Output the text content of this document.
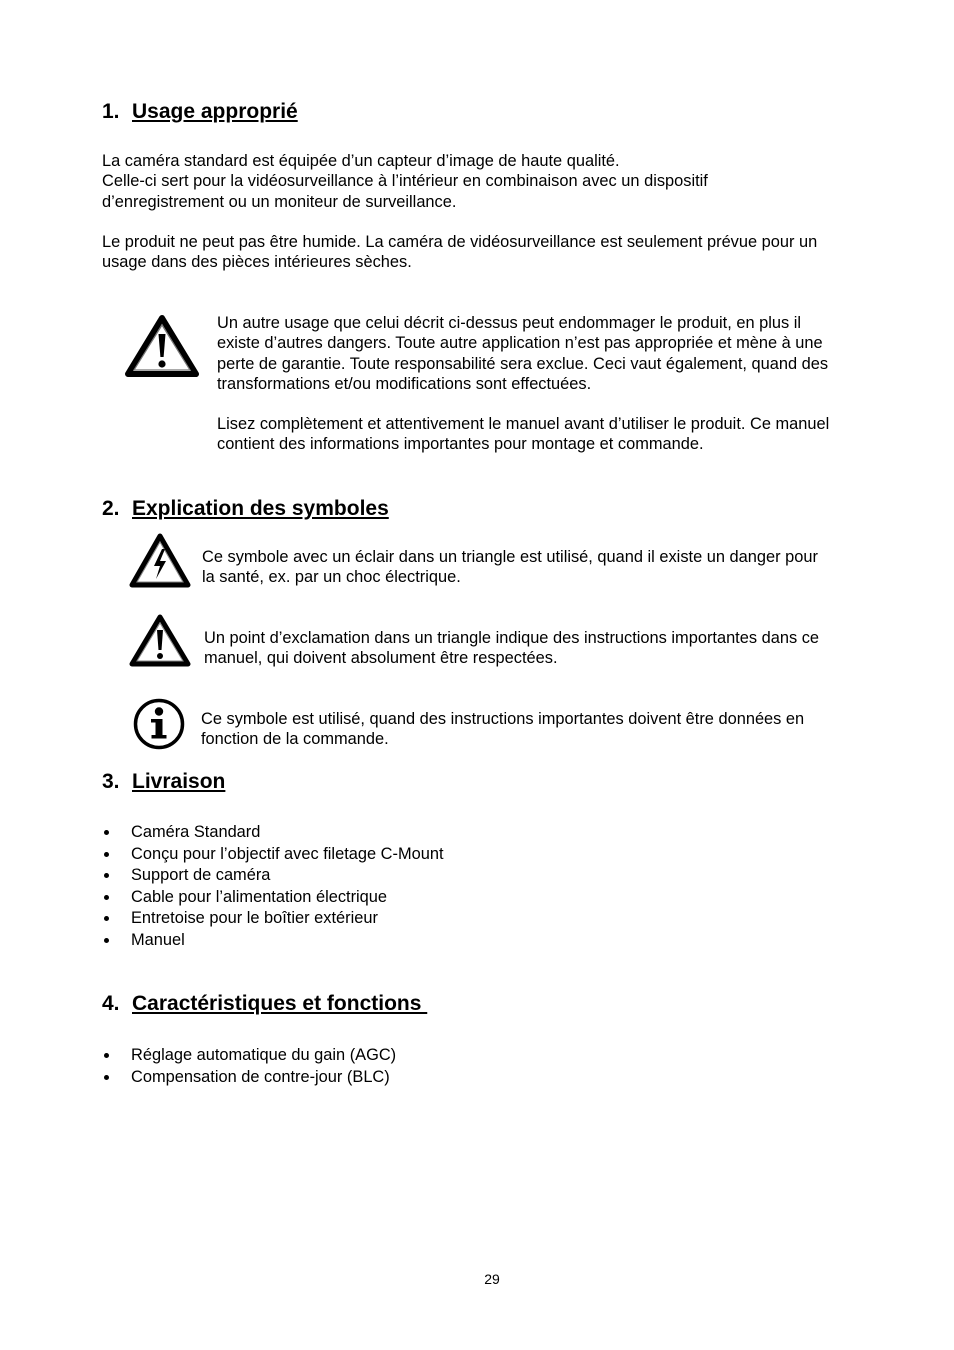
1. Usage approprié

La caméra standard est équipée d’un capteur d’image de haute qualité.

Celle-ci sert pour la vidéosurveillance à l’intérieur en combinaison avec un dispositif

d’enregistrement ou un moniteur de surveillance.

Le produit ne peut pas être humide. La caméra de vidéosurveillance est seulement prévue pour un

usage dans des pièces intérieures sèches.

Un autre usage que celui décrit ci-dessus peut endommager le produit, en plus il

existe d’autres dangers. Toute autre application n’est pas appropriée et mène à une

perte de garantie. Toute responsabilité sera exclue. Ceci vaut également, quand des

transformations et/ou modifications sont effectuées.

Lisez complètement et attentivement le manuel avant d’utiliser le produit. Ce manuel

contient des informations importantes pour montage et commande.

2. Explication des symboles

Ce symbole avec un éclair dans un triangle est utilisé, quand il existe un danger pour

la santé, ex. par un choc électrique.

Un point d’exclamation dans un triangle indique des instructions importantes dans ce

manuel, qui doivent absolument être respectées.

Ce symbole est utilisé, quand des instructions importantes doivent être données en

fonction de la commande.

3. Livraison
Caméra Standard
Conçu pour l’objectif avec filetage C-Mount
Support de caméra
Cable pour l’alimentation électrique
Entretoise pour le boîtier extérieur
Manuel
4. Caractéristiques et fonctions
Réglage automatique du gain (AGC)
Compensation de contre-jour (BLC)
29
